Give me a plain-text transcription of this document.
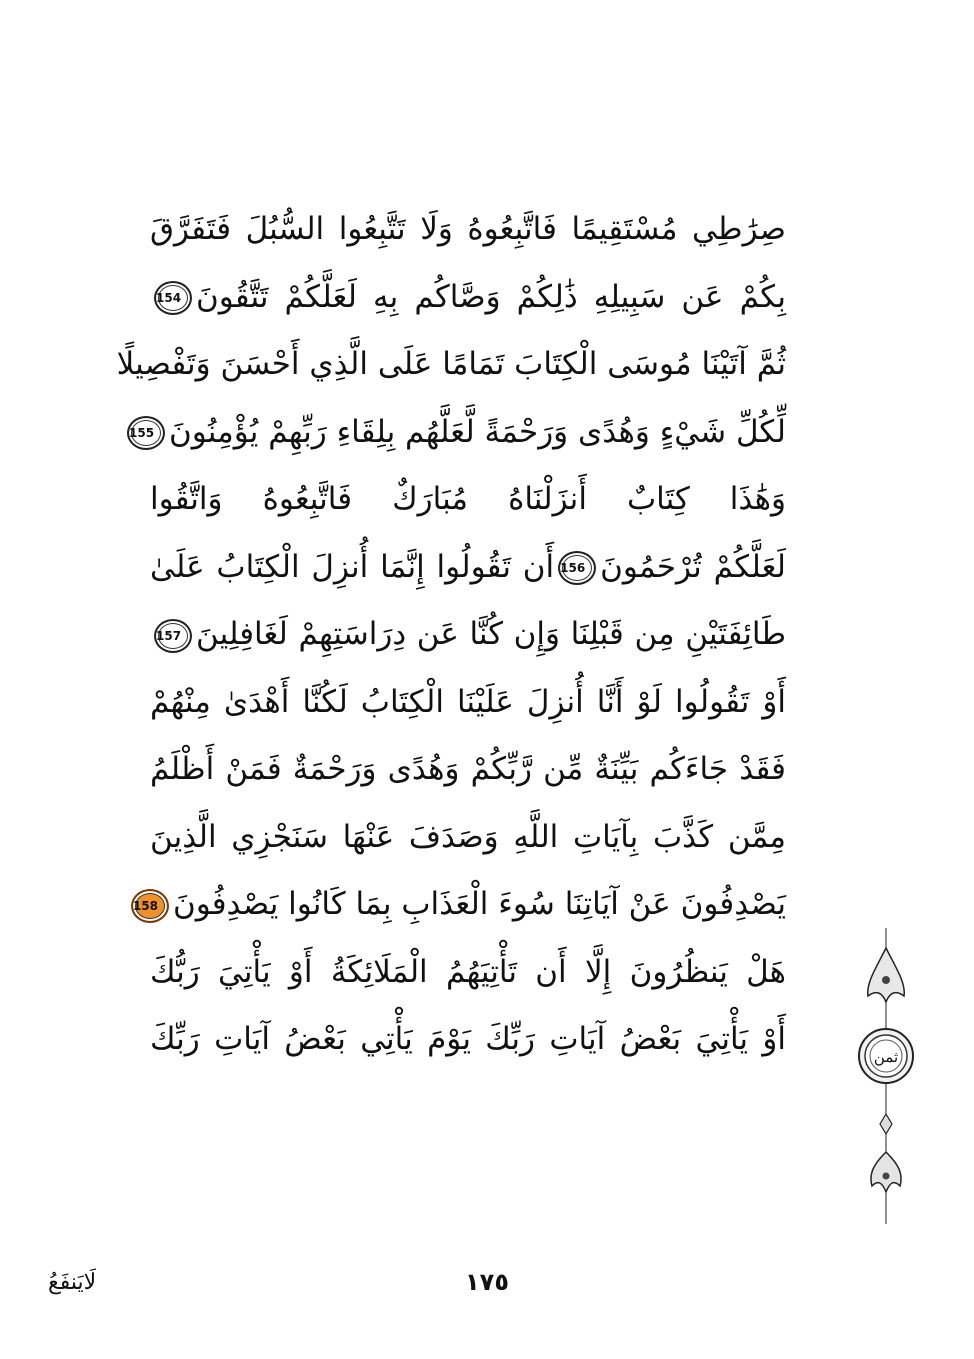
صِرَٰطِي مُسْتَقِيمًا فَاتَّبِعُوهُ وَلَا تَتَّبِعُوا السُّبُلَ فَتَفَرَّقَ
بِكُمْ عَن سَبِيلِهِ ذَٰلِكُمْ وَصَّاكُم بِهِ لَعَلَّكُمْ تَتَّقُونَ154
ثُمَّ آتَيْنَا مُوسَى الْكِتَابَ تَمَامًا عَلَى الَّذِي أَحْسَنَ وَتَفْصِيلًا
لِّكُلِّ شَيْءٍ وَهُدًى وَرَحْمَةً لَّعَلَّهُم بِلِقَاءِ رَبِّهِمْ يُؤْمِنُونَ155
وَهَٰذَا كِتَابٌ أَنزَلْنَاهُ مُبَارَكٌ فَاتَّبِعُوهُ وَاتَّقُوا
لَعَلَّكُمْ تُرْحَمُونَ156أَن تَقُولُوا إِنَّمَا أُنزِلَ الْكِتَابُ عَلَىٰ
طَائِفَتَيْنِ مِن قَبْلِنَا وَإِن كُنَّا عَن دِرَاسَتِهِمْ لَغَافِلِينَ157
أَوْ تَقُولُوا لَوْ أَنَّا أُنزِلَ عَلَيْنَا الْكِتَابُ لَكُنَّا أَهْدَىٰ مِنْهُمْ
فَقَدْ جَاءَكُم بَيِّنَةٌ مِّن رَّبِّكُمْ وَهُدًى وَرَحْمَةٌ فَمَنْ أَظْلَمُ
مِمَّن كَذَّبَ بِآيَاتِ اللَّهِ وَصَدَفَ عَنْهَا سَنَجْزِي الَّذِينَ
يَصْدِفُونَ عَنْ آيَاتِنَا سُوءَ الْعَذَابِ بِمَا كَانُوا يَصْدِفُونَ158
هَلْ يَنظُرُونَ إِلَّا أَن تَأْتِيَهُمُ الْمَلَائِكَةُ أَوْ يَأْتِيَ رَبُّكَ
أَوْ يَأْتِيَ بَعْضُ آيَاتِ رَبِّكَ يَوْمَ يَأْتِي بَعْضُ آيَاتِ رَبِّكَ	ثمن
١٧٥
لَايَنفَعُ
